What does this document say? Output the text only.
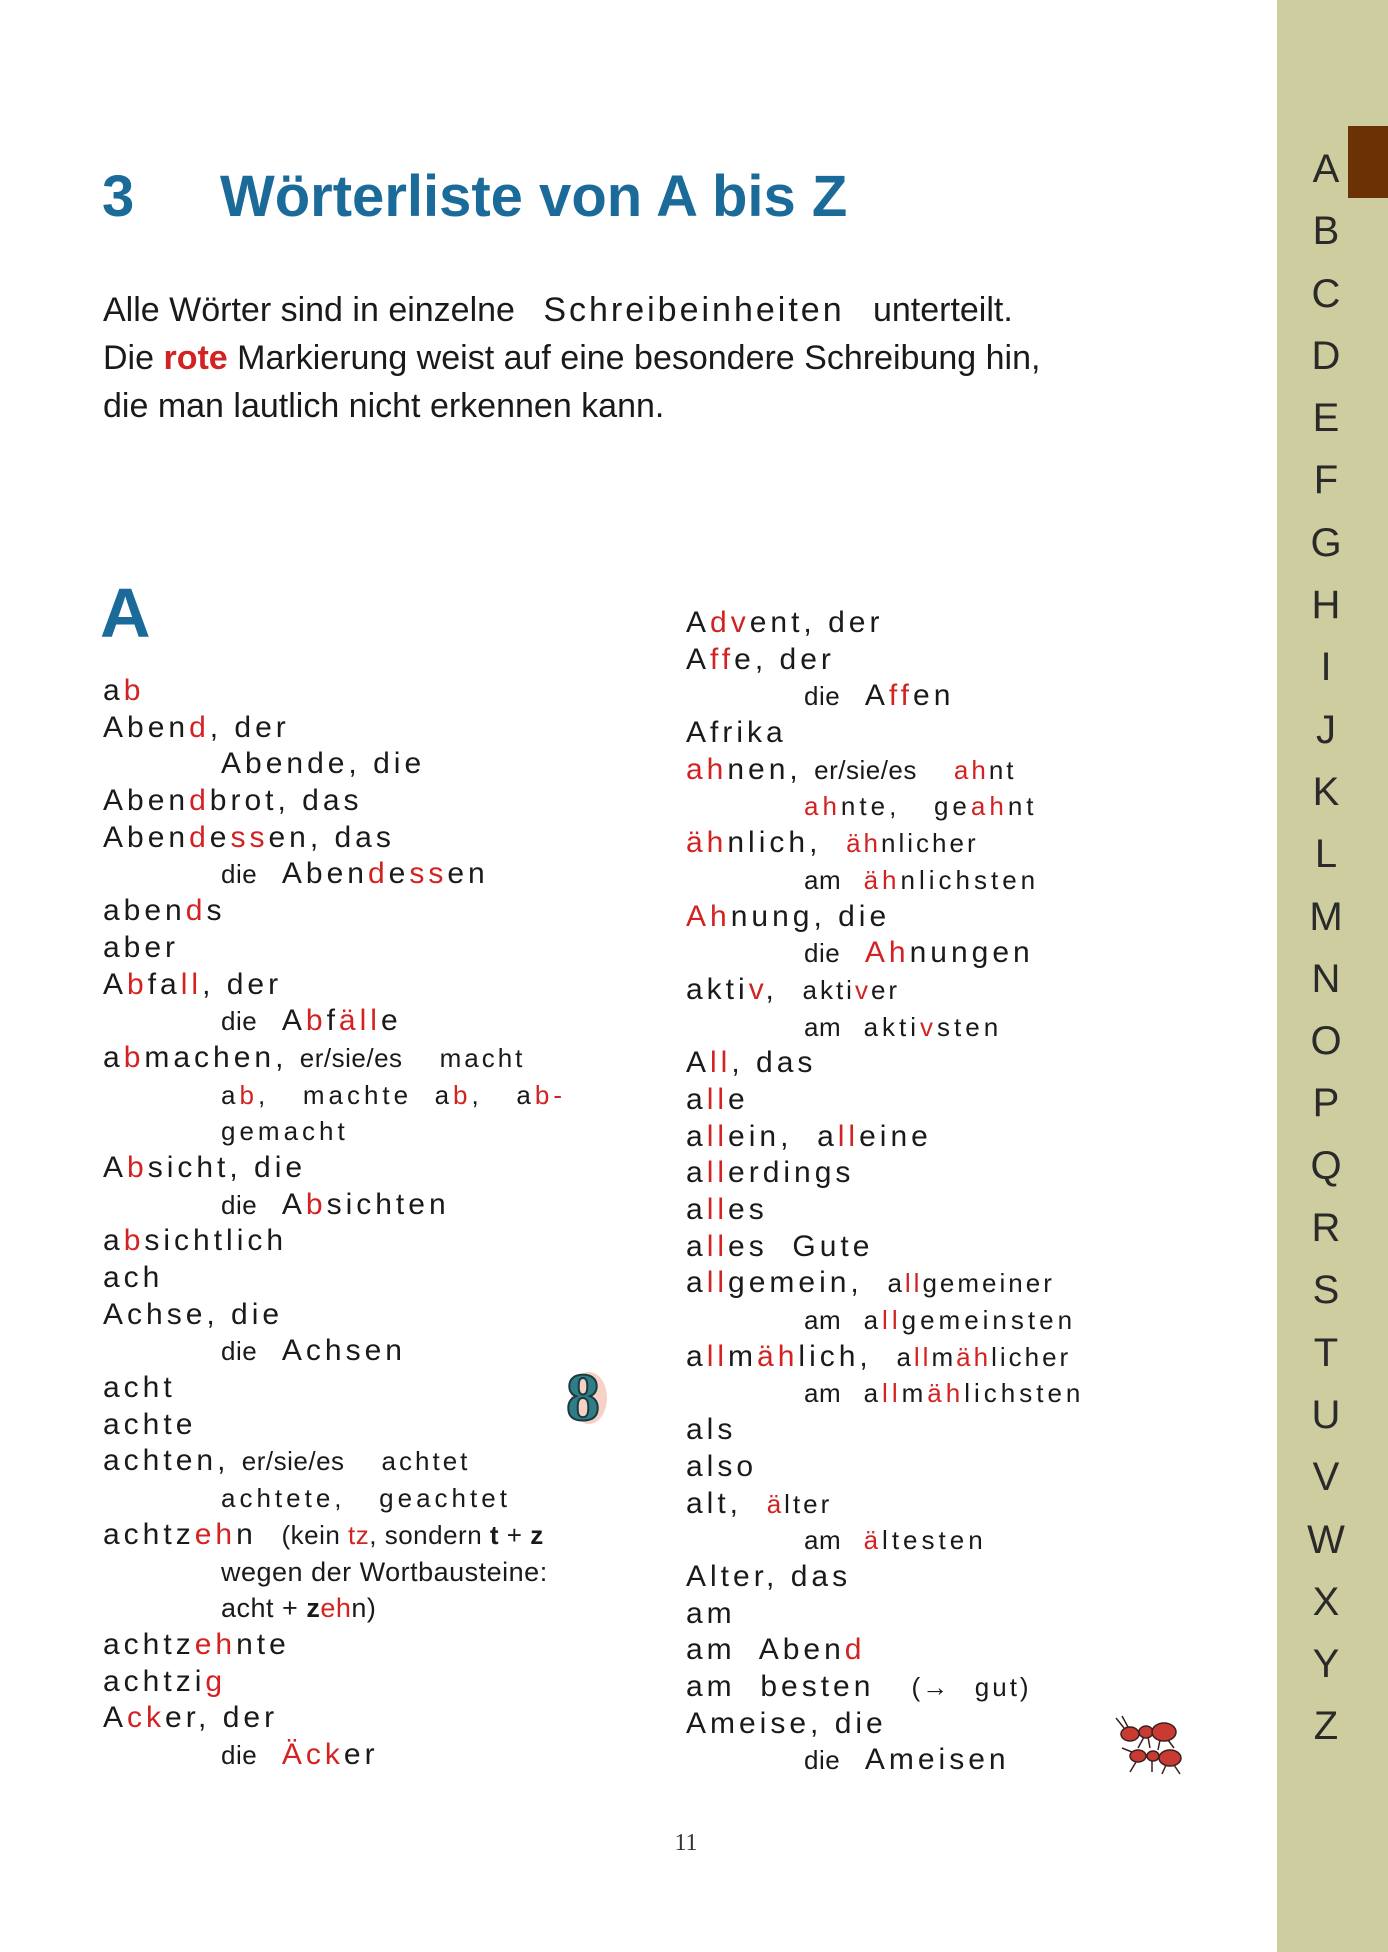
3 Wörterliste von A bis Z

Alle Wörter sind in einzelne Schreibeinheiten unterteilt.
Die rote Markierung weist auf eine besondere Schreibung hin,
die man lautlich nicht erkennen kann.

A
ab
Abend, der
Abende, die
Abendbrot, das
Abendessen, das
die Abendessen
abends
aber
Abfall, der
die Abfälle
abmachen, er/sie/es macht
ab, machte ab, ab-
gemacht
Absicht, die
die Absichten
absichtlich
ach
Achse, die
die Achsen
acht
achte
achten, er/sie/es achtet
achtete,   geachtet
achtzehn (kein tz, sondern t + z
wegen der Wortbausteine:
acht + zehn)
achtzehnte
achtzig
Acker, der
die Äcker
8
Advent, der
Affe, der
die Affen
Afrika
ahnen, er/sie/es ahnt
ahnte, geahnt
ähnlich, ähnlicher
am ähnlichsten
Ahnung, die
die Ahnungen
aktiv, aktiver
am aktivsten
All, das
alle
allein, alleine
allerdings
alles
alles  Gute
allgemein, allgemeiner
am allgemeinsten
allmählich, allmählicher
am allmählichsten
als
also
alt, älter
am ältesten
Alter, das
am
am  Abend
am  besten (→ gut)
Ameise, die
die Ameisen
11
A
B
C
D
E
F
G
H
I
J
K
L
M
N
O
P
Q
R
S
T
U
V
W
X
Y
Z
